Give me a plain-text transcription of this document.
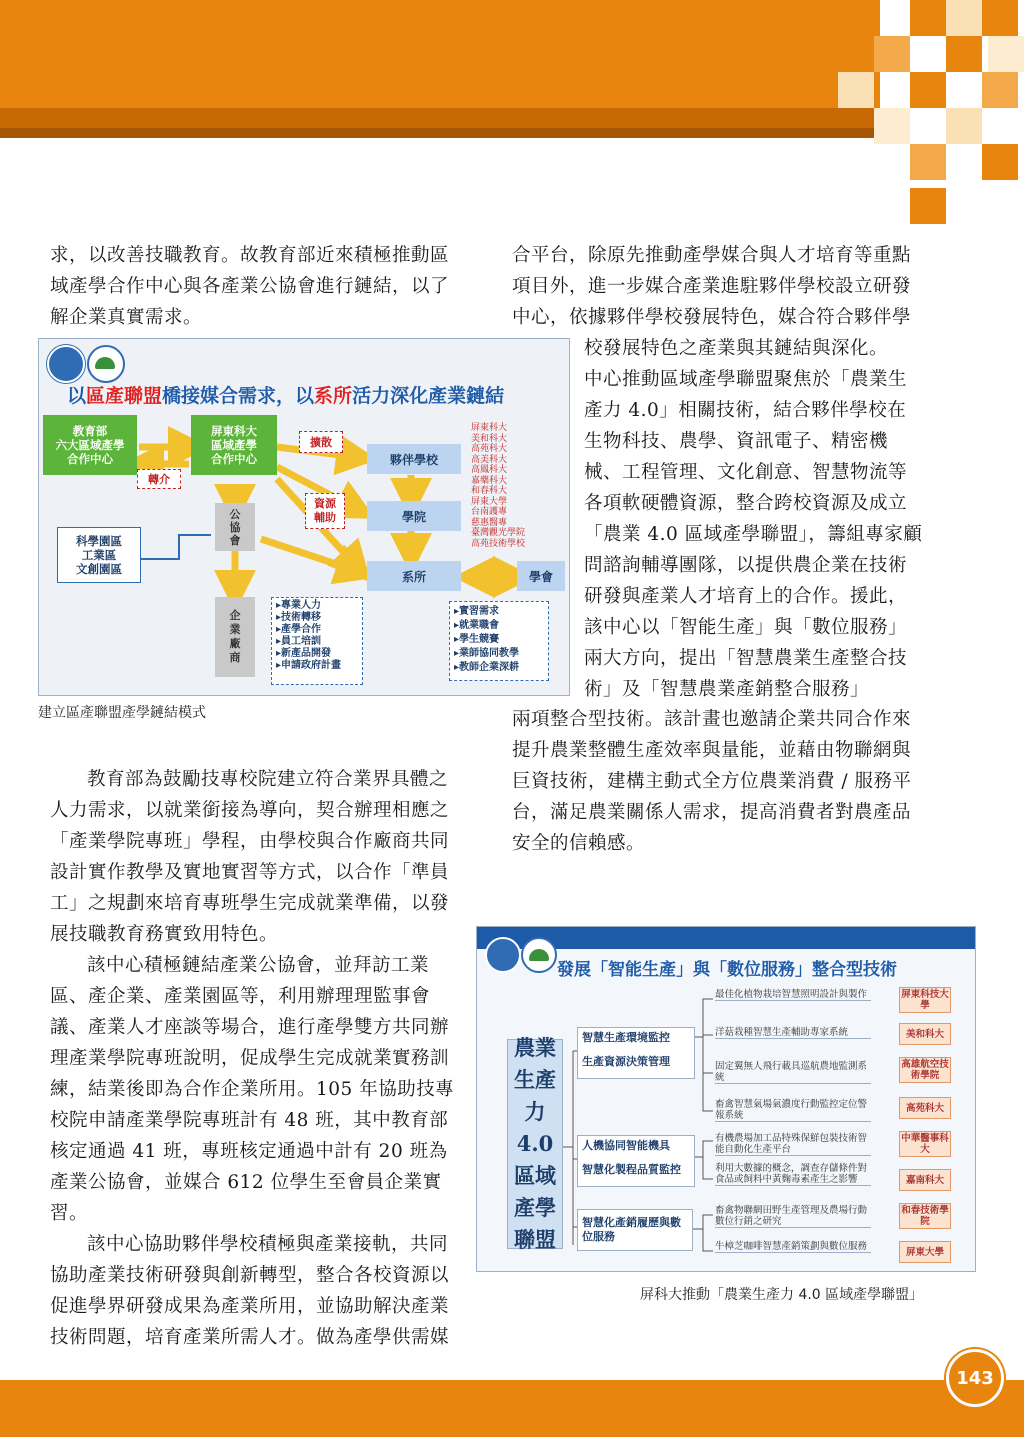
求，以改善技職教育。故教育部近來積極推動區域產學合作中心與各產業公協會進行鏈結，以了解企業真實需求。

以區產聯盟橋接媒合需求，以系所活力深化產業鏈結
教育部
六大區域產學
合作中心
屏東科大
區域產學
合作中心
擴散
轉介
夥伴學校
資源
輔助	學院
系所	學會
公
協
會
企
業
廠
商
科學園區
工業區
文創園區
屏東科大
美和科大
高苑科大
高美科大
高鳳科大
嘉藥科大
和春科大
屏東大學
台南護專
慈惠醫專
臺灣觀光學院
高苑技術學校
▸專業人力
▸技術轉移
▸產學合作
▸員工培訓
▸新產品開發
▸申請政府計畫
▸實習需求
▸就業職會
▸學生競賽
▸業師協同教學
▸教師企業深耕
建立區產聯盟產學鏈結模式

教育部為鼓勵技專校院建立符合業界具體之人力需求，以就業銜接為導向，契合辦理相應之「產業學院專班」學程，由學校與合作廠商共同設計實作教學及實地實習等方式，以合作「準員工」之規劃來培育專班學生完成就業準備，以發展技職教育務實致用特色。

該中心積極鏈結產業公協會，並拜訪工業區、產企業、產業園區等，利用辦理理監事會議、產業人才座談等場合，進行產學雙方共同辦理產業學院專班說明，促成學生完成就業實務訓練，結業後即為合作企業所用。105 年協助技專校院申請產業學院專班計有 48 班，其中教育部核定通過 41 班，專班核定通過中計有 20 班為產業公協會，並媒合 612 位學生至會員企業實習。

該中心協助夥伴學校積極與產業接軌，共同協助產業技術研發與創新轉型，整合各校資源以促進學界研發成果為產業所用，並協助解決產業技術問題，培育產業所需人才。做為產學供需媒

合平台，除原先推動產學媒合與人才培育等重點項目外，進一步媒合產業進駐夥伴學校設立研發中心，依據夥伴學校發展特色，媒合符合夥伴學

校發展特色之產業與其鏈結與深化。　　中心推動區域產學聯盟聚焦於「農業生產力 4.0」相關技術，結合夥伴學校在生物科技、農學、資訊電子、精密機械、工程管理、文化創意、智慧物流等各項軟硬體資源，整合跨校資源及成立「農業 4.0 區域產學聯盟」，籌組專家顧問諮詢輔導團隊，以提供農企業在技術研發與產業人才培育上的合作。援此，該中心以「智能生產」與「數位服務」兩大方向，提出「智慧農業生產整合技術」及「智慧農業產銷整合服務」

兩項整合型技術。該計畫也邀請企業共同合作來提升農業整體生產效率與量能，並藉由物聯網與巨資技術，建構主動式全方位農業消費 / 服務平台，滿足農業關係人需求，提高消費者對農產品安全的信賴感。

發展「智能生產」與「數位服務」整合型技術
農業生產力4.0區域產學聯盟
智慧生產環境監控
生產資源決策管理
人機協同智能機具
智慧化製程品質監控
智慧化產銷履歷與數位服務
最佳化植物栽培智慧照明設計與製作
洋菇栽種智慧生產輔助專家系統
固定翼無人飛行載具巡航農地監測系統
畜禽智慧氣場氣濃度行動監控定位警報系統
有機農場加工品特殊保鮮包裝技術智能自動化生產平台
利用大數據的概念，調查存儲條件對食品或飼料中黃麴毒素產生之影響
畜禽物聯網田野生產管理及農場行動數位行銷之研究
牛樟芝咖啡智慧產銷策劃與數位服務
屏東科技大學
美和科大
高雄航空技術學院
高苑科大
中華醫事科大
嘉南科大
和春技術學院
屏東大學
屏科大推動「農業生產力 4.0 區域產學聯盟」
143
